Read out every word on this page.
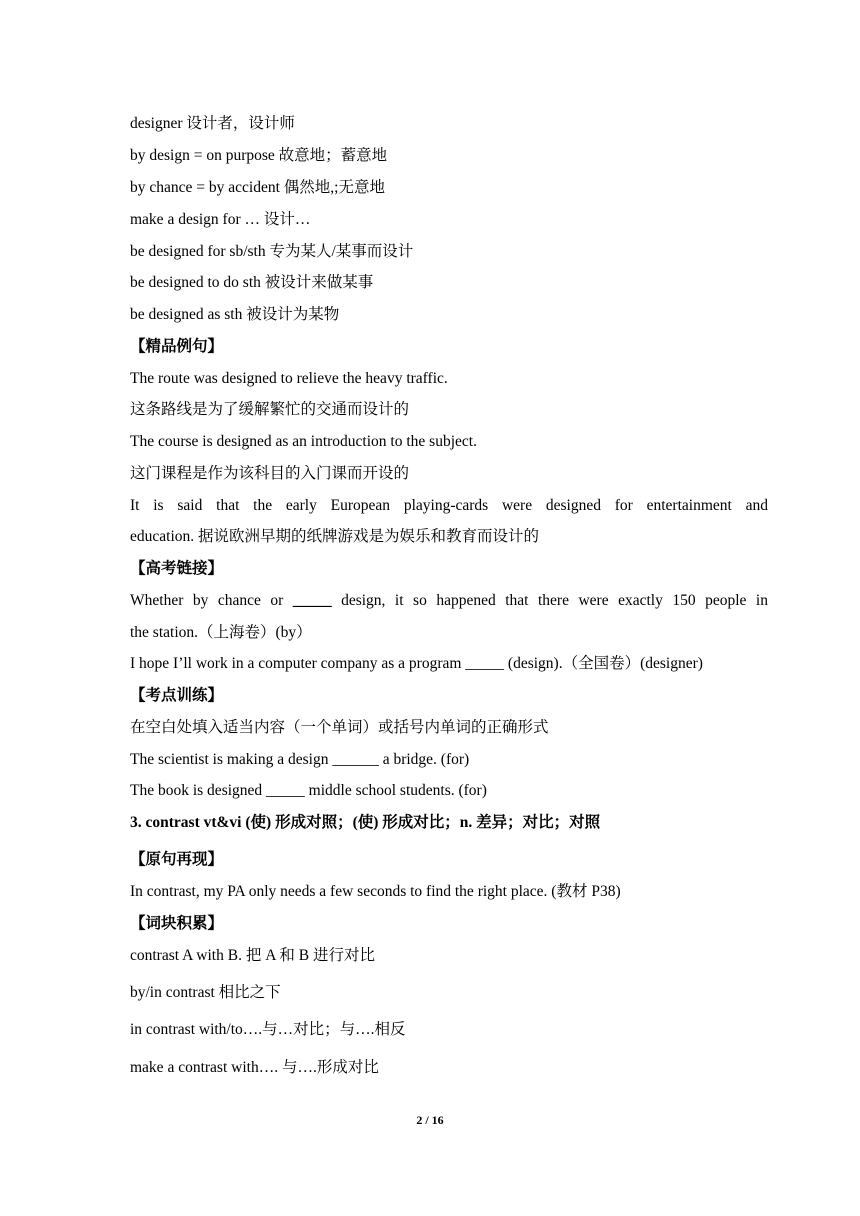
designer 设计者，设计师
by design = on purpose 故意地；蓄意地
by chance = by accident 偶然地,;无意地
make a design for … 设计…
be designed for sb/sth 专为某人/某事而设计
be designed to do sth 被设计来做某事
be designed as sth 被设计为某物
【精品例句】
The route was designed to relieve the heavy traffic.
这条路线是为了缓解繁忙的交通而设计的
The course is designed as an introduction to the subject.
这门课程是作为该科目的入门课而开设的
It is said that the early European playing-cards were designed for entertainment and
education. 据说欧洲早期的纸牌游戏是为娱乐和教育而设计的
【高考链接】
Whether by chance or _____ design, it so happened that there were exactly 150 people in
the station.（上海卷）(by）
I hope I’ll work in a computer company as a program _____ (design).（全国卷）(designer)
【考点训练】
在空白处填入适当内容（一个单词）或括号内单词的正确形式
The scientist is making a design ______ a bridge. (for)
The book is designed _____ middle school students. (for)
3. contrast vt&vi (使) 形成对照；(使) 形成对比；n. 差异；对比；对照
【原句再现】
In contrast, my PA only needs a few seconds to find the right place. (教材 P38)
【词块积累】
contrast A with B. 把 A 和 B 进行对比
by/in contrast 相比之下
in contrast with/to….与…对比；与….相反
make a contrast with…. 与….形成对比
2 / 16
